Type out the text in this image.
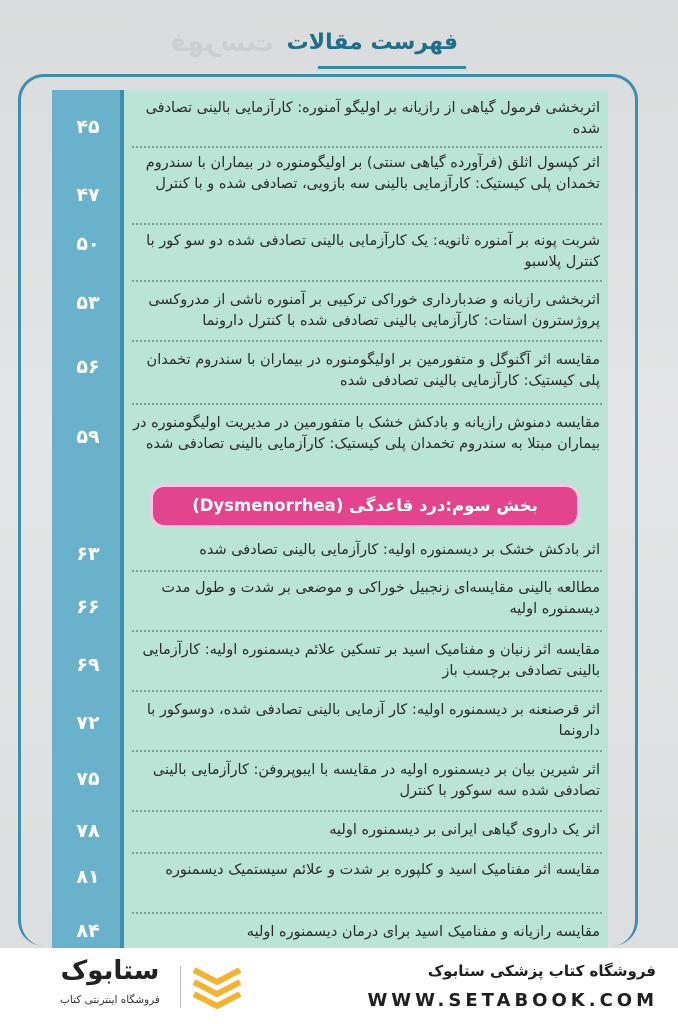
فهرست فهرست مقالات
اثربخشی فرمول گیاهی از رازیانه بر اولیگو آمنوره: کارآزمایی بالینی تصادفی شده
۴۵
اثر کپسول اثلق (فرآورده گیاهی سنتی) بر اولیگومنوره در بیماران با سندروم تخمدان پلی کیستیک: کارآزمایی بالینی سه بازویی، تصادفی شده و با کنترل
۴۷
شربت پونه بر آمنوره ثانویه: یک کارآزمایی بالینی تصادفی شده دو سو کور با کنترل پلاسبو
۵۰
اثربخشی رازیانه و ضدبارداری خوراکی ترکیبی بر آمنوره ناشی از مدروکسی پروژسترون استات: کارآزمایی بالینی تصادفی شده با کنترل دارونما
۵۳
مقایسه اثر آگنوگل و متفورمین بر اولیگومنوره در بیماران با سندروم تخمدان پلی کیستیک: کارآزمایی بالینی تصادفی شده
۵۶
مقایسه دمنوش رازیانه و بادکش خشک با متفورمین در مدیریت اولیگومنوره در بیماران مبتلا به سندروم تخمدان پلی کیستیک: کارآزمایی بالینی تصادفی شده
۵۹
بخش سوم:درد قاعدگی (Dysmenorrhea)
اثر بادکش خشک بر دیسمنوره اولیه: کارآزمایی بالینی تصادفی شده
۶۳
مطالعه بالینی مقایسه‌ای زنجبیل خوراکی و موضعی بر شدت و طول مدت دیسمنوره اولیه
۶۶
مقایسه اثر زنیان و مفنامیک اسید بر تسکین علائم دیسمنوره اولیه: کارآزمایی بالینی تصادفی برچسب باز
۶۹
اثر قرصنعنه بر دیسمنوره اولیه: کار آزمایی بالینی تصادفی شده، دوسوکور با دارونما
۷۲
اثر شیرین بیان بر دیسمنوره اولیه در مقایسه با ایبوپروفن: کارآزمایی بالینی تصادفی شده سه سوکور با کنترل
۷۵
اثر یک داروی گیاهی ایرانی بر دیسمنوره اولیه
۷۸
مقایسه اثر مفنامیک اسید و کلپوره بر شدت و علائم سیستمیک دیسمنوره
۸۱
مقایسه رازیانه و مفنامیک اسید برای درمان دیسمنوره اولیه
۸۴
ستابوک
فروشگاه اینترنتی کتاب
فروشگاه کتاب پزشکی ستابوک
WWW.SETABOOK.COM
